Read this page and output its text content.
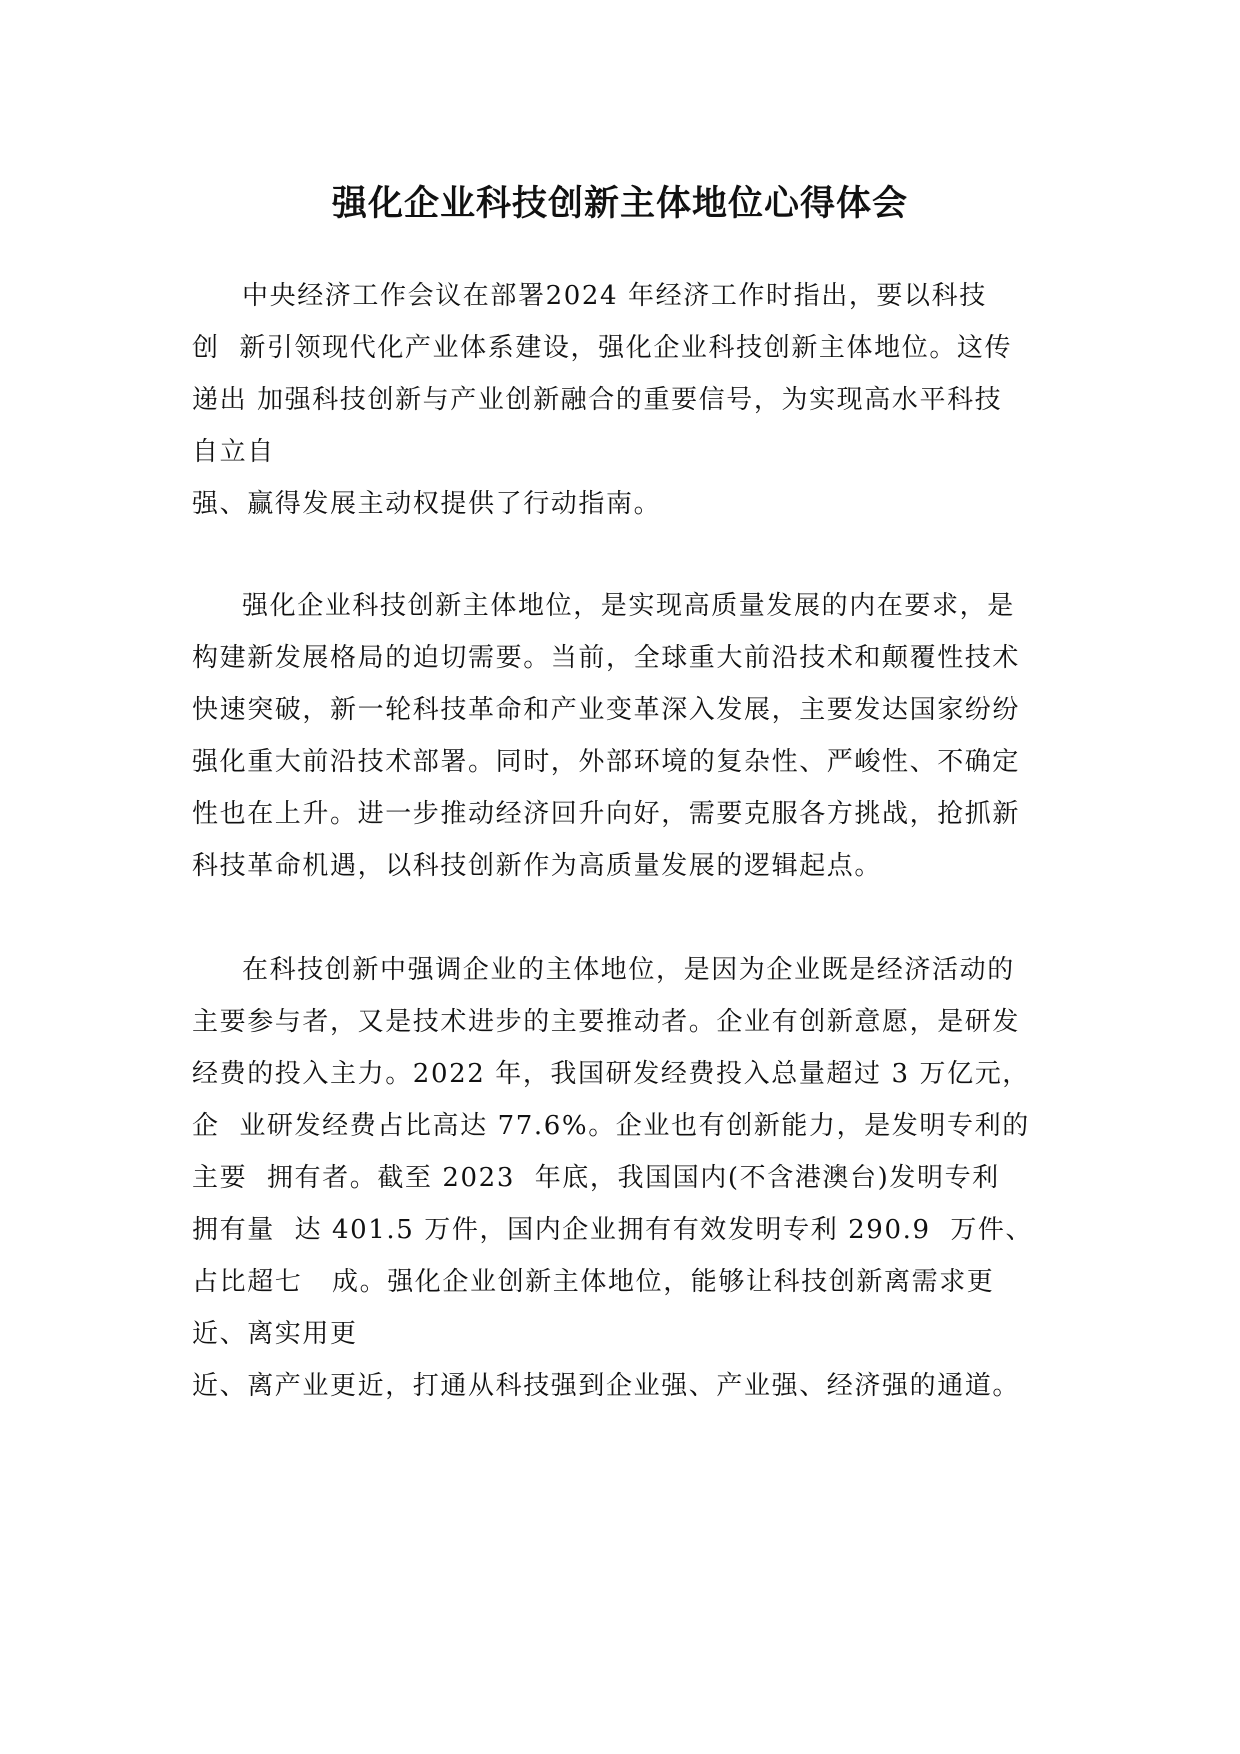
强化企业科技创新主体地位心得体会
中央经济工作会议在部署2024 年经济工作时指出，要以科技
创  新引领现代化产业体系建设，强化企业科技创新主体地位。这传
递出 加强科技创新与产业创新融合的重要信号，为实现高水平科技
自立自
强、赢得发展主动权提供了行动指南。
强化企业科技创新主体地位，是实现高质量发展的内在要求，是
构建新发展格局的迫切需要。当前，全球重大前沿技术和颠覆性技术
快速突破，新一轮科技革命和产业变革深入发展，主要发达国家纷纷
强化重大前沿技术部署。同时，外部环境的复杂性、严峻性、不确定
性也在上升。进一步推动经济回升向好，需要克服各方挑战，抢抓新
科技革命机遇，以科技创新作为高质量发展的逻辑起点。
在科技创新中强调企业的主体地位，是因为企业既是经济活动的
主要参与者，又是技术进步的主要推动者。企业有创新意愿，是研发
经费的投入主力。2022 年，我国研发经费投入总量超过 3 万亿元，
企  业研发经费占比高达 77.6%。企业也有创新能力，是发明专利的
主要  拥有者。截至 2023  年底，我国国内(不含港澳台)发明专利
拥有量  达 401.5 万件，国内企业拥有有效发明专利 290.9  万件、
占比超七   成。强化企业创新主体地位，能够让科技创新离需求更
近、离实用更
近、离产业更近，打通从科技强到企业强、产业强、经济强的通道。
